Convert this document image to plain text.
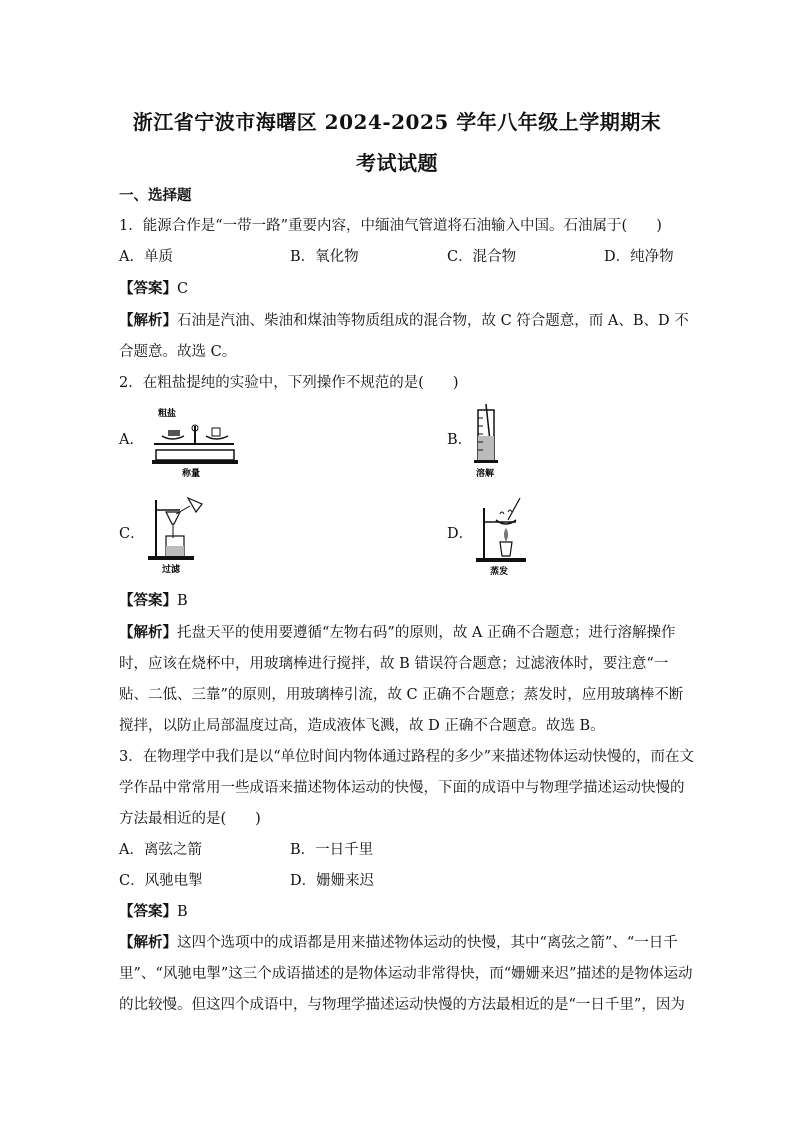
浙江省宁波市海曙区 2024-2025 学年八年级上学期期末
考试试题
一、选择题
1．能源合作是“一带一路”重要内容，中缅油气管道将石油输入中国。石油属于(　　)
A．单质	B．氧化物	C．混合物	D．纯净物
【答案】C
【解析】石油是汽油、柴油和煤油等物质组成的混合物，故 C 符合题意，而 A、B、D 不
合题意。故选 C。
2．在粗盐提纯的实验中，下列操作不规范的是(　　)
A．	B．
C．	D．
粗盐
称量	溶解
过滤	蒸发
【答案】B
【解析】托盘天平的使用要遵循“左物右码”的原则，故 A 正确不合题意；进行溶解操作
时，应该在烧杯中，用玻璃棒进行搅拌，故 B 错误符合题意；过滤液体时，要注意“一
贴、二低、三靠”的原则，用玻璃棒引流，故 C 正确不合题意；蒸发时，应用玻璃棒不断
搅拌，以防止局部温度过高，造成液体飞溅，故 D 正确不合题意。故选 B。
3．在物理学中我们是以“单位时间内物体通过路程的多少”来描述物体运动快慢的，而在文
学作品中常常用一些成语来描述物体运动的快慢，下面的成语中与物理学描述运动快慢的
方法最相近的是(　　)
A．离弦之箭	B．一日千里
C．风驰电掣	D．姗姗来迟
【答案】B
【解析】这四个选项中的成语都是用来描述物体运动的快慢，其中“离弦之箭”、“一日千
里”、“风驰电掣”这三个成语描述的是物体运动非常得快，而“姗姗来迟”描述的是物体运动
的比较慢。但这四个成语中，与物理学描述运动快慢的方法最相近的是“一日千里”，因为
